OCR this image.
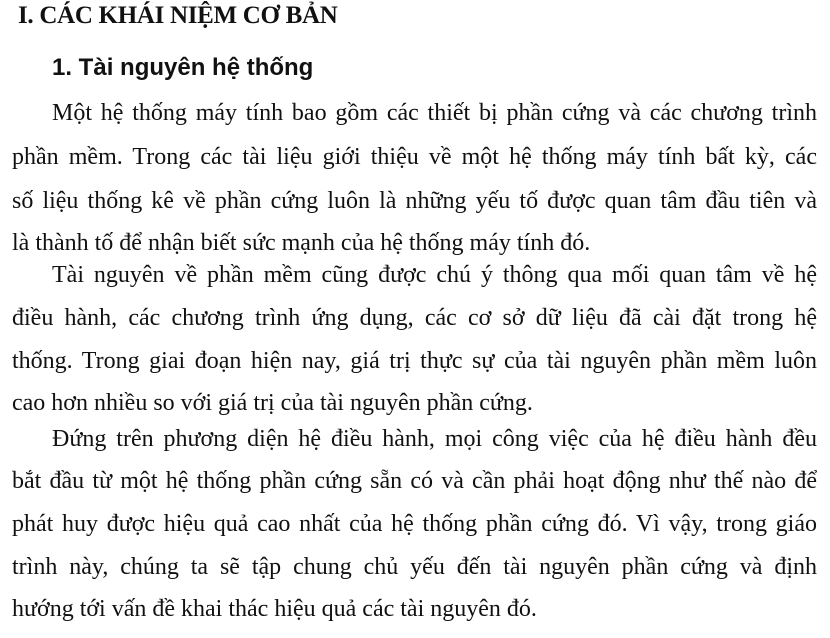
I. CÁC KHÁI NIỆM CƠ BẢN
1. Tài nguyên hệ thống

Một hệ thống máy tính bao gồm các thiết bị phần cứng và các chương trình

phần mềm. Trong các tài liệu giới thiệu về một hệ thống máy tính bất kỳ, các

số liệu thống kê về phần cứng luôn là những yếu tố được quan tâm đầu tiên và

là thành tố để nhận biết sức mạnh của hệ thống máy tính đó.

Tài nguyên về phần mềm cũng được chú ý thông qua mối quan tâm về hệ

điều hành, các chương trình ứng dụng, các cơ sở dữ liệu đã cài đặt trong hệ

thống. Trong giai đoạn hiện nay, giá trị thực sự của tài nguyên phần mềm luôn

cao hơn nhiều so với giá trị của tài nguyên phần cứng.

Đứng trên phương diện hệ điều hành, mọi công việc của hệ điều hành đều

bắt đầu từ một hệ thống phần cứng sẵn có và cần phải hoạt động như thế nào để

phát huy được hiệu quả cao nhất của hệ thống phần cứng đó. Vì vậy, trong giáo

trình này, chúng ta sẽ tập chung chủ yếu đến tài nguyên phần cứng và định

hướng tới vấn đề khai thác hiệu quả các tài nguyên đó.
